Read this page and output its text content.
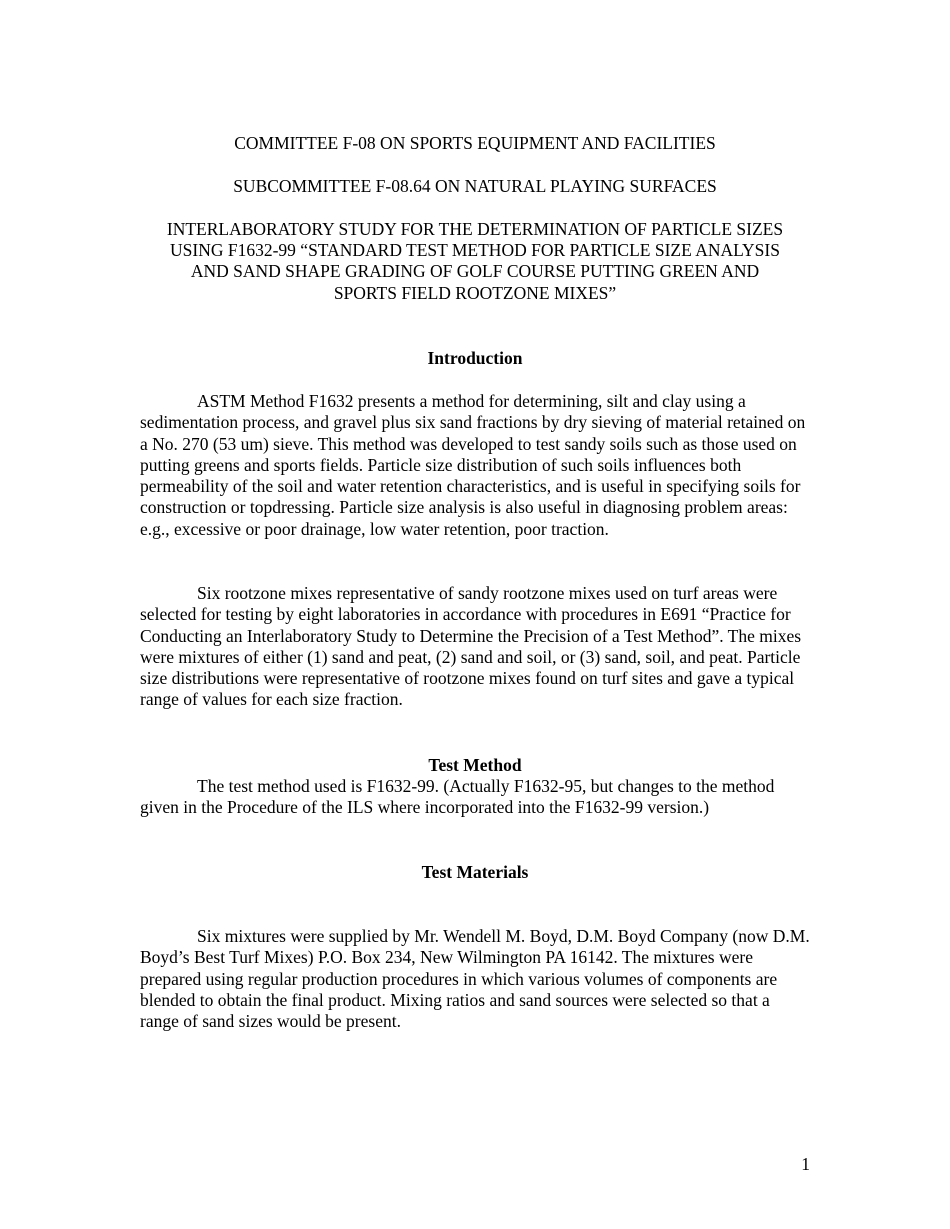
COMMITTEE F-08 ON SPORTS EQUIPMENT AND FACILITIES
SUBCOMMITTEE F-08.64 ON NATURAL PLAYING SURFACES
INTERLABORATORY STUDY FOR THE DETERMINATION OF PARTICLE SIZES
USING F1632-99 “STANDARD TEST METHOD FOR PARTICLE SIZE ANALYSIS
AND SAND SHAPE GRADING OF GOLF COURSE PUTTING GREEN AND
SPORTS FIELD ROOTZONE MIXES”
Introduction
ASTM Method F1632 presents a method for determining, silt and clay using a sedimentation process, and gravel plus six sand fractions by dry sieving of material retained on a No. 270 (53 um) sieve. This method was developed to test sandy soils such as those used on putting greens and sports fields. Particle size distribution of such soils influences both permeability of the soil and water retention characteristics, and is useful in specifying soils for construction or topdressing. Particle size analysis is also useful in diagnosing problem areas: e.g., excessive or poor drainage, low water retention, poor traction.
Six rootzone mixes representative of sandy rootzone mixes used on turf areas were selected for testing by eight laboratories in accordance with procedures in E691 “Practice for Conducting an Interlaboratory Study to Determine the Precision of a Test Method”. The mixes were mixtures of either (1) sand and peat, (2) sand and soil, or (3) sand, soil, and peat. Particle size distributions were representative of rootzone mixes found on turf sites and gave a typical range of values for each size fraction.
Test Method
The test method used is F1632-99. (Actually F1632-95, but changes to the method given in the Procedure of the ILS where incorporated into the F1632-99 version.)
Test Materials
Six mixtures were supplied by Mr. Wendell M. Boyd, D.M. Boyd Company (now D.M. Boyd’s Best Turf Mixes) P.O. Box 234, New Wilmington PA 16142. The mixtures were prepared using regular production procedures in which various volumes of components are blended to obtain the final product. Mixing ratios and sand sources were selected so that a range of sand sizes would be present.
1
